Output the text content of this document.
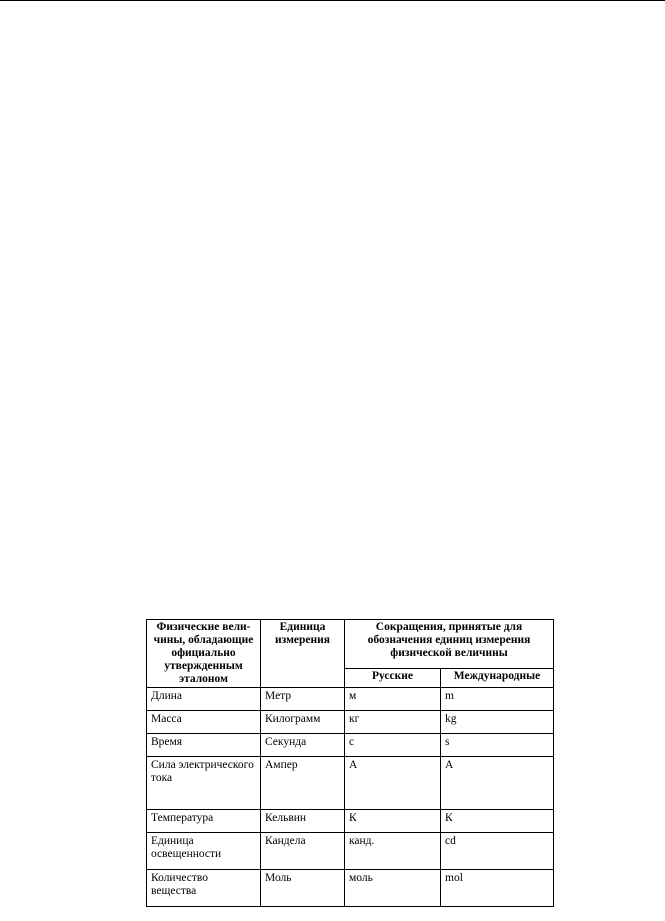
Физические вели-чины, обладающие официально утвержденным эталоном	Единица измерения	Сокращения, принятые для обозначения единиц измерения физической величины	
		Русские	Международные
Длина	Метр	м	m
Масса	Килограмм	кг	kg
Время	Секунда	с	s
Сила электрического тока	Ампер	А	А
Температура	Кельвин	К	К
Единица освещенности	Кандела	канд.	cd
Количество вещества	Моль	моль	mol
